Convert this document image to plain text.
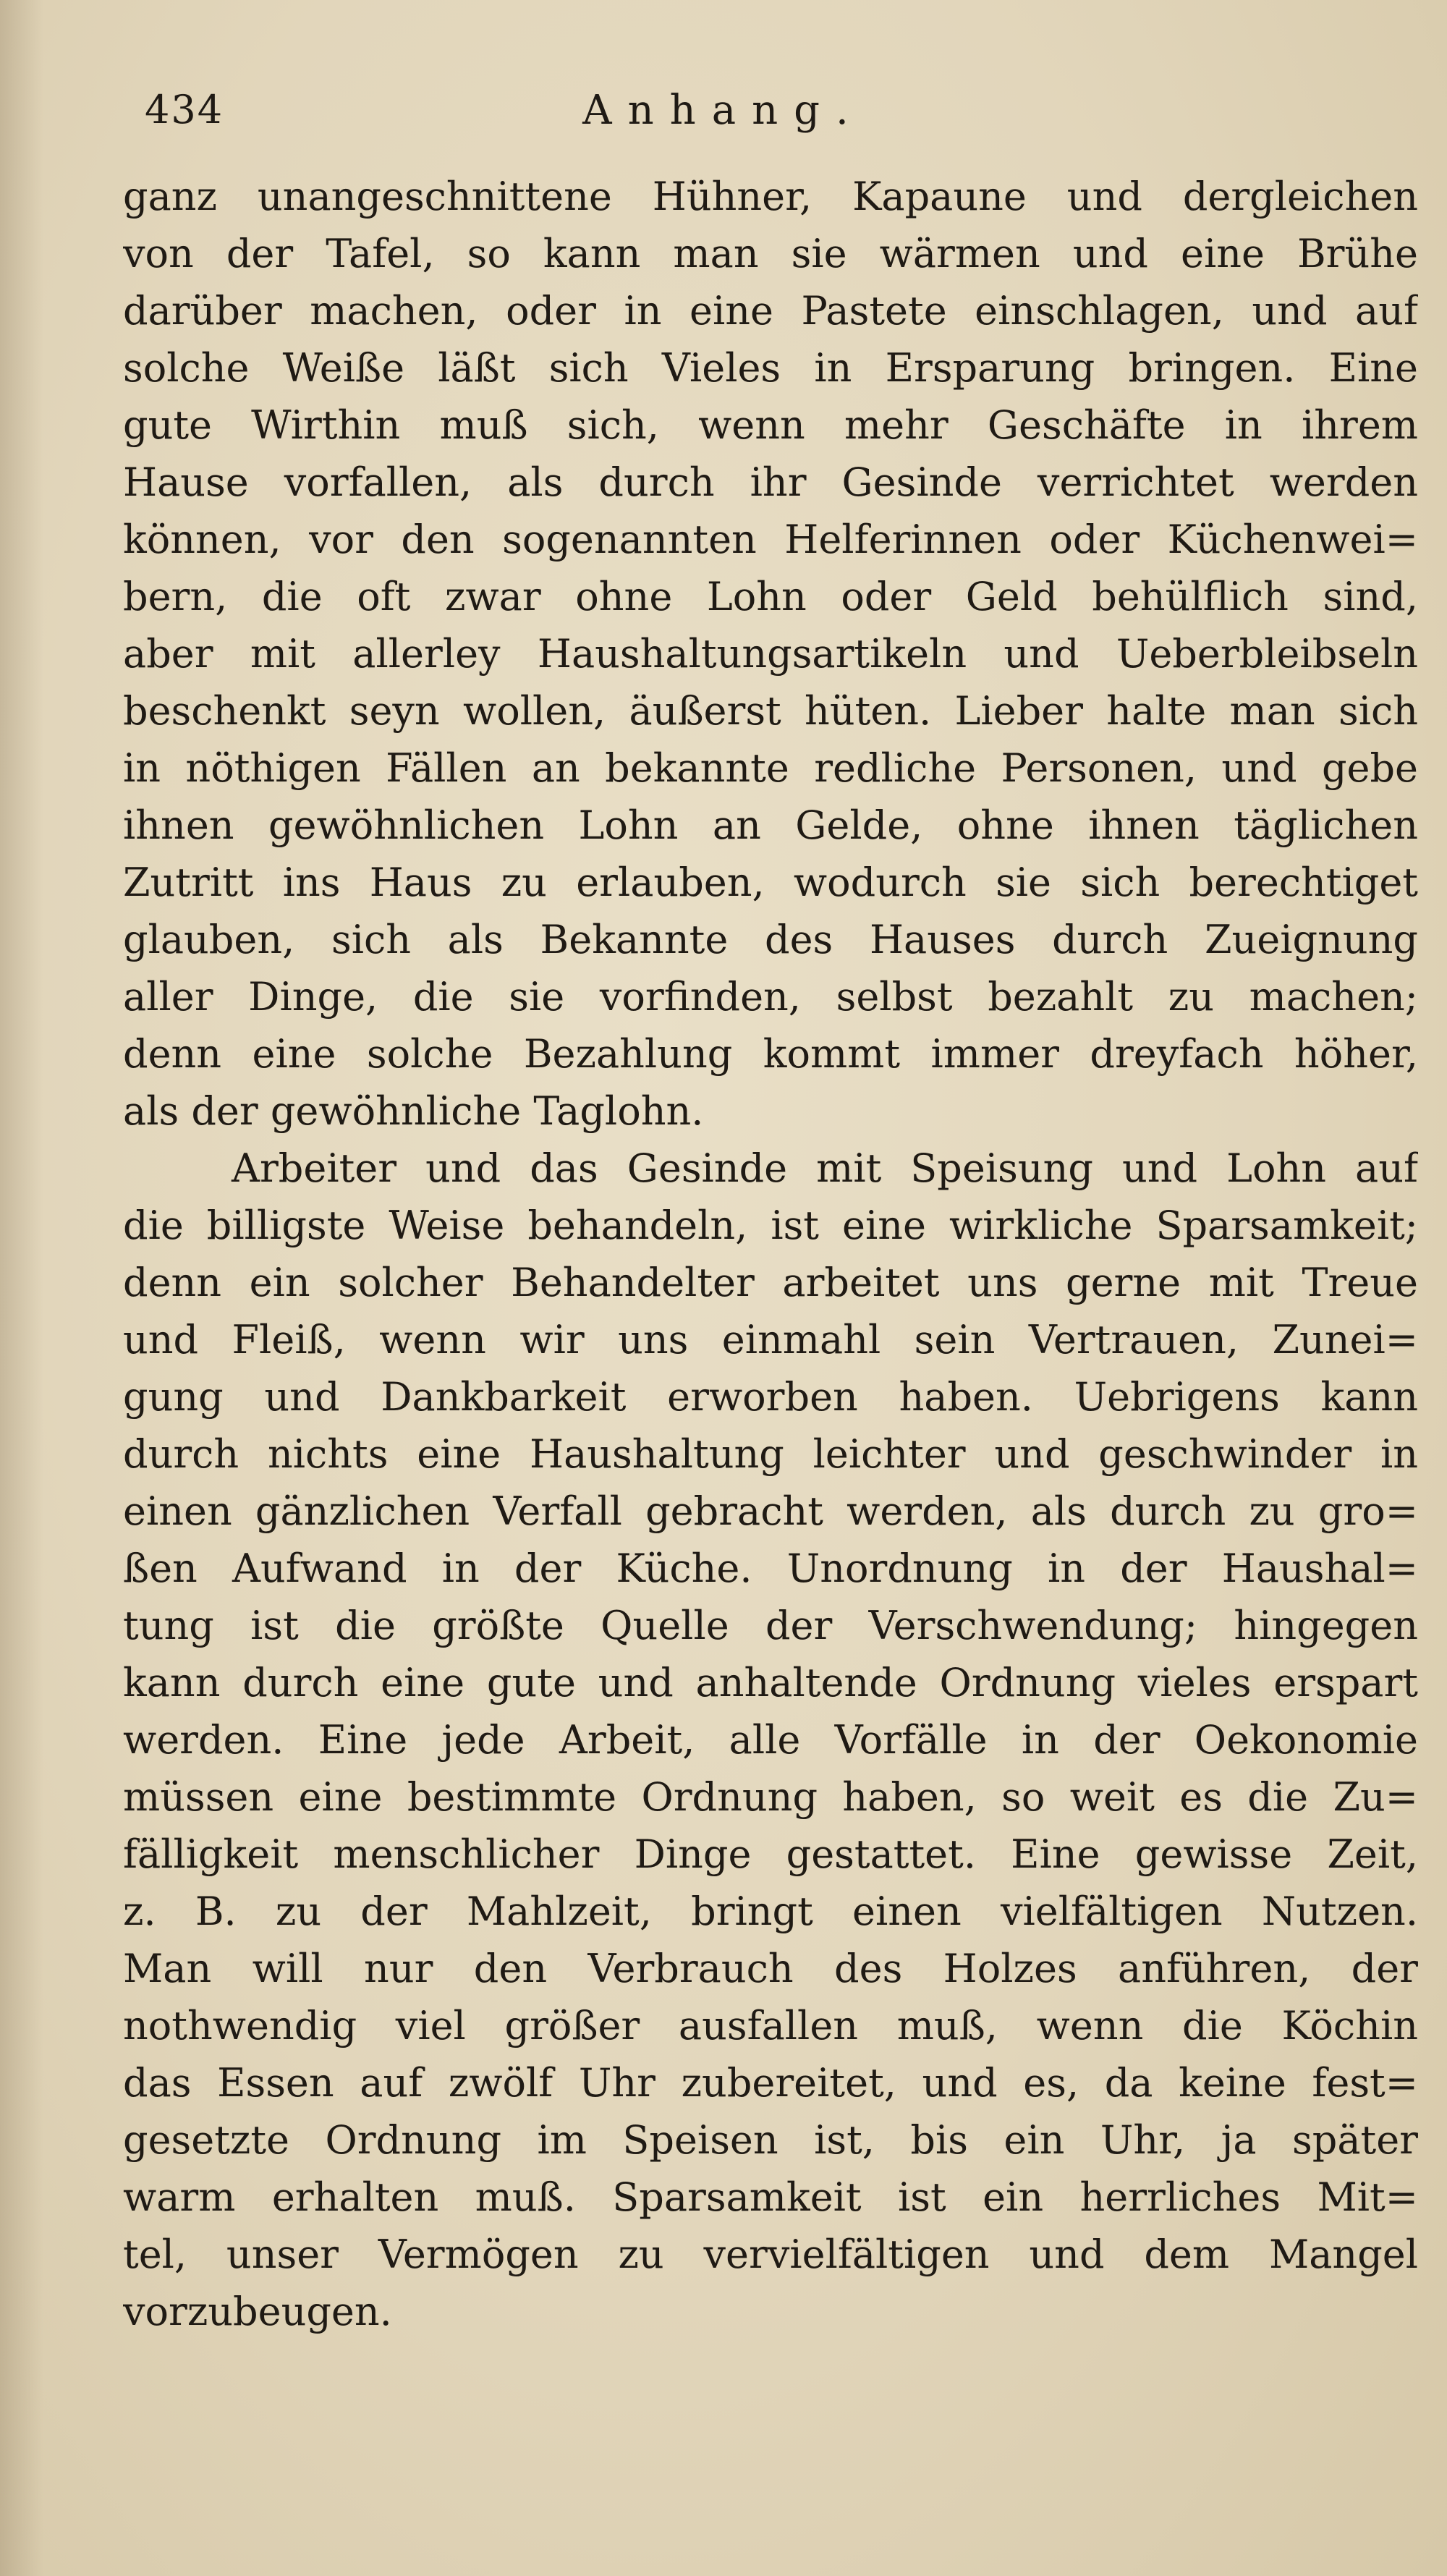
434	Anhang.
ganz unangeschnittene Hühner, Kapaune und dergleichen
von der Tafel, so kann man sie wärmen und eine Brühe
darüber machen, oder in eine Pastete einschlagen, und auf
solche Weiße läßt sich Vieles in Ersparung bringen. Eine
gute Wirthin muß sich, wenn mehr Geschäfte in ihrem
Hause vorfallen, als durch ihr Gesinde verrichtet werden
können, vor den sogenannten Helferinnen oder Küchenwei=
bern, die oft zwar ohne Lohn oder Geld behülflich sind,
aber mit allerley Haushaltungsartikeln und Ueberbleibseln
beschenkt seyn wollen, äußerst hüten. Lieber halte man sich
in nöthigen Fällen an bekannte redliche Personen, und gebe
ihnen gewöhnlichen Lohn an Gelde, ohne ihnen täglichen
Zutritt ins Haus zu erlauben, wodurch sie sich berechtiget
glauben, sich als Bekannte des Hauses durch Zueignung
aller Dinge, die sie vorfinden, selbst bezahlt zu machen;
denn eine solche Bezahlung kommt immer dreyfach höher,
als der gewöhnliche Taglohn.
Arbeiter und das Gesinde mit Speisung und Lohn auf
die billigste Weise behandeln, ist eine wirkliche Sparsamkeit;
denn ein solcher Behandelter arbeitet uns gerne mit Treue
und Fleiß, wenn wir uns einmahl sein Vertrauen, Zunei=
gung und Dankbarkeit erworben haben. Uebrigens kann
durch nichts eine Haushaltung leichter und geschwinder in
einen gänzlichen Verfall gebracht werden, als durch zu gro=
ßen Aufwand in der Küche. Unordnung in der Haushal=
tung ist die größte Quelle der Verschwendung; hingegen
kann durch eine gute und anhaltende Ordnung vieles erspart
werden. Eine jede Arbeit, alle Vorfälle in der Oekonomie
müssen eine bestimmte Ordnung haben, so weit es die Zu=
fälligkeit menschlicher Dinge gestattet. Eine gewisse Zeit,
z. B. zu der Mahlzeit, bringt einen vielfältigen Nutzen.
Man will nur den Verbrauch des Holzes anführen, der
nothwendig viel größer ausfallen muß, wenn die Köchin
das Essen auf zwölf Uhr zubereitet, und es, da keine fest=
gesetzte Ordnung im Speisen ist, bis ein Uhr, ja später
warm erhalten muß. Sparsamkeit ist ein herrliches Mit=
tel, unser Vermögen zu vervielfältigen und dem Mangel
vorzubeugen.
